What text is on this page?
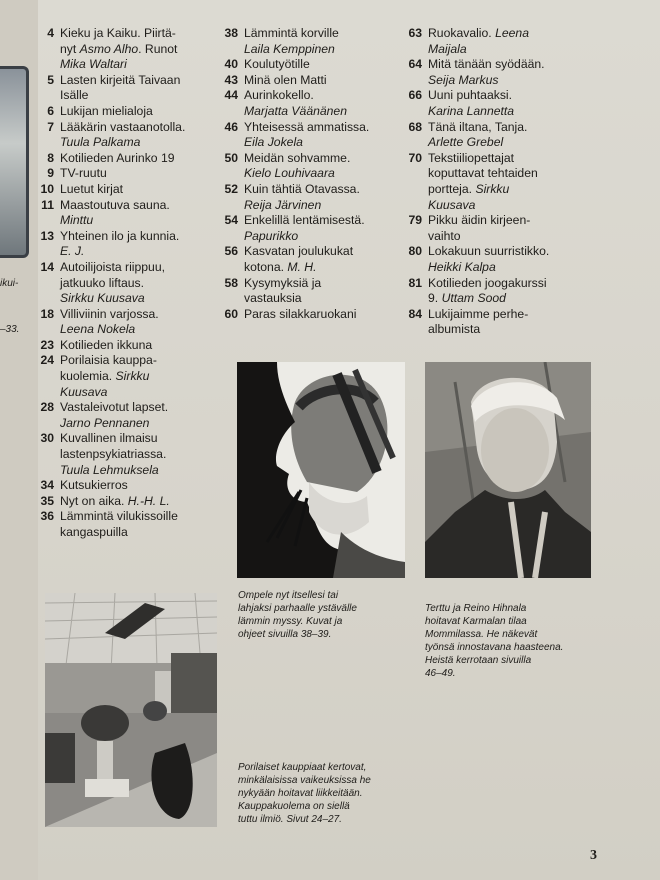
ikui-
–33.
4 Kieku ja Kaiku. Piirtä-
nyt Asmo Alho. Runot
Mika Waltari
5 Lasten kirjeitä Taivaan
Isälle
6 Lukijan mielialoja
7 Lääkärin vastaanotolla.
Tuula Palkama
8 Kotilieden Aurinko 19
9 TV-ruutu
10 Luetut kirjat
11 Maastoutuva sauna.
Minttu
13 Yhteinen ilo ja kunnia.
E. J.
14 Autoilijoista riippuu,
jatkuuko liftaus.
Sirkku Kuusava
18 Villiviinin varjossa.
Leena Nokela
23 Kotilieden ikkuna
24 Porilaisia kauppa-
kuolemia. Sirkku
Kuusava
28 Vastaleivotut lapset.
Jarno Pennanen
30 Kuvallinen ilmaisu
lastenpsykiatriassa.
Tuula Lehmuksela
34 Kutsukierros
35 Nyt on aika. H.-H. L.
36 Lämmintä vilukissoille
kangaspuilla
38 Lämmintä korville
Laila Kemppinen
40 Koulutyötille
43 Minä olen Matti
44 Aurinkokello.
Marjatta Väänänen
46 Yhteisessä ammatissa.
Eila Jokela
50 Meidän sohvamme.
Kielo Louhivaara
52 Kuin tähtiä Otavassa.
Reija Järvinen
54 Enkelillä lentämisestä.
Papurikko
56 Kasvatan joulukukat
kotona. M. H.
58 Kysymyksiä ja
vastauksia
60 Paras silakkaruokani
63 Ruokavalio. Leena
Maijala
64 Mitä tänään syödään.
Seija Markus
66 Uuni puhtaaksi.
Karina Lannetta
68 Tänä iltana, Tanja.
Arlette Grebel
70 Tekstiiliopettajat
koputtavat tehtaiden
portteja. Sirkku
Kuusava
79 Pikku äidin kirjeen-
vaihto
80 Lokakuun suurristikko.
Heikki Kalpa
81 Kotilieden joogakurssi
9. Uttam Sood
84 Lukijaimme perhe-
albumista
Ompele nyt itsellesi tai
lahjaksi parhaalle ystävälle
lämmin myssy. Kuvat ja
ohjeet sivuilla 38–39.
Terttu ja Reino Hihnala
hoitavat Karmalan tilaa
Mommilassa. He näkevät
työnsä innostavana haasteena.
Heistä kerrotaan sivuilla
46–49.
Porilaiset kauppiaat kertovat,
minkälaisissa vaikeuksissa he
nykyään hoitavat liikkeitään.
Kauppakuolema on siellä
tuttu ilmiö. Sivut 24–27.
3
